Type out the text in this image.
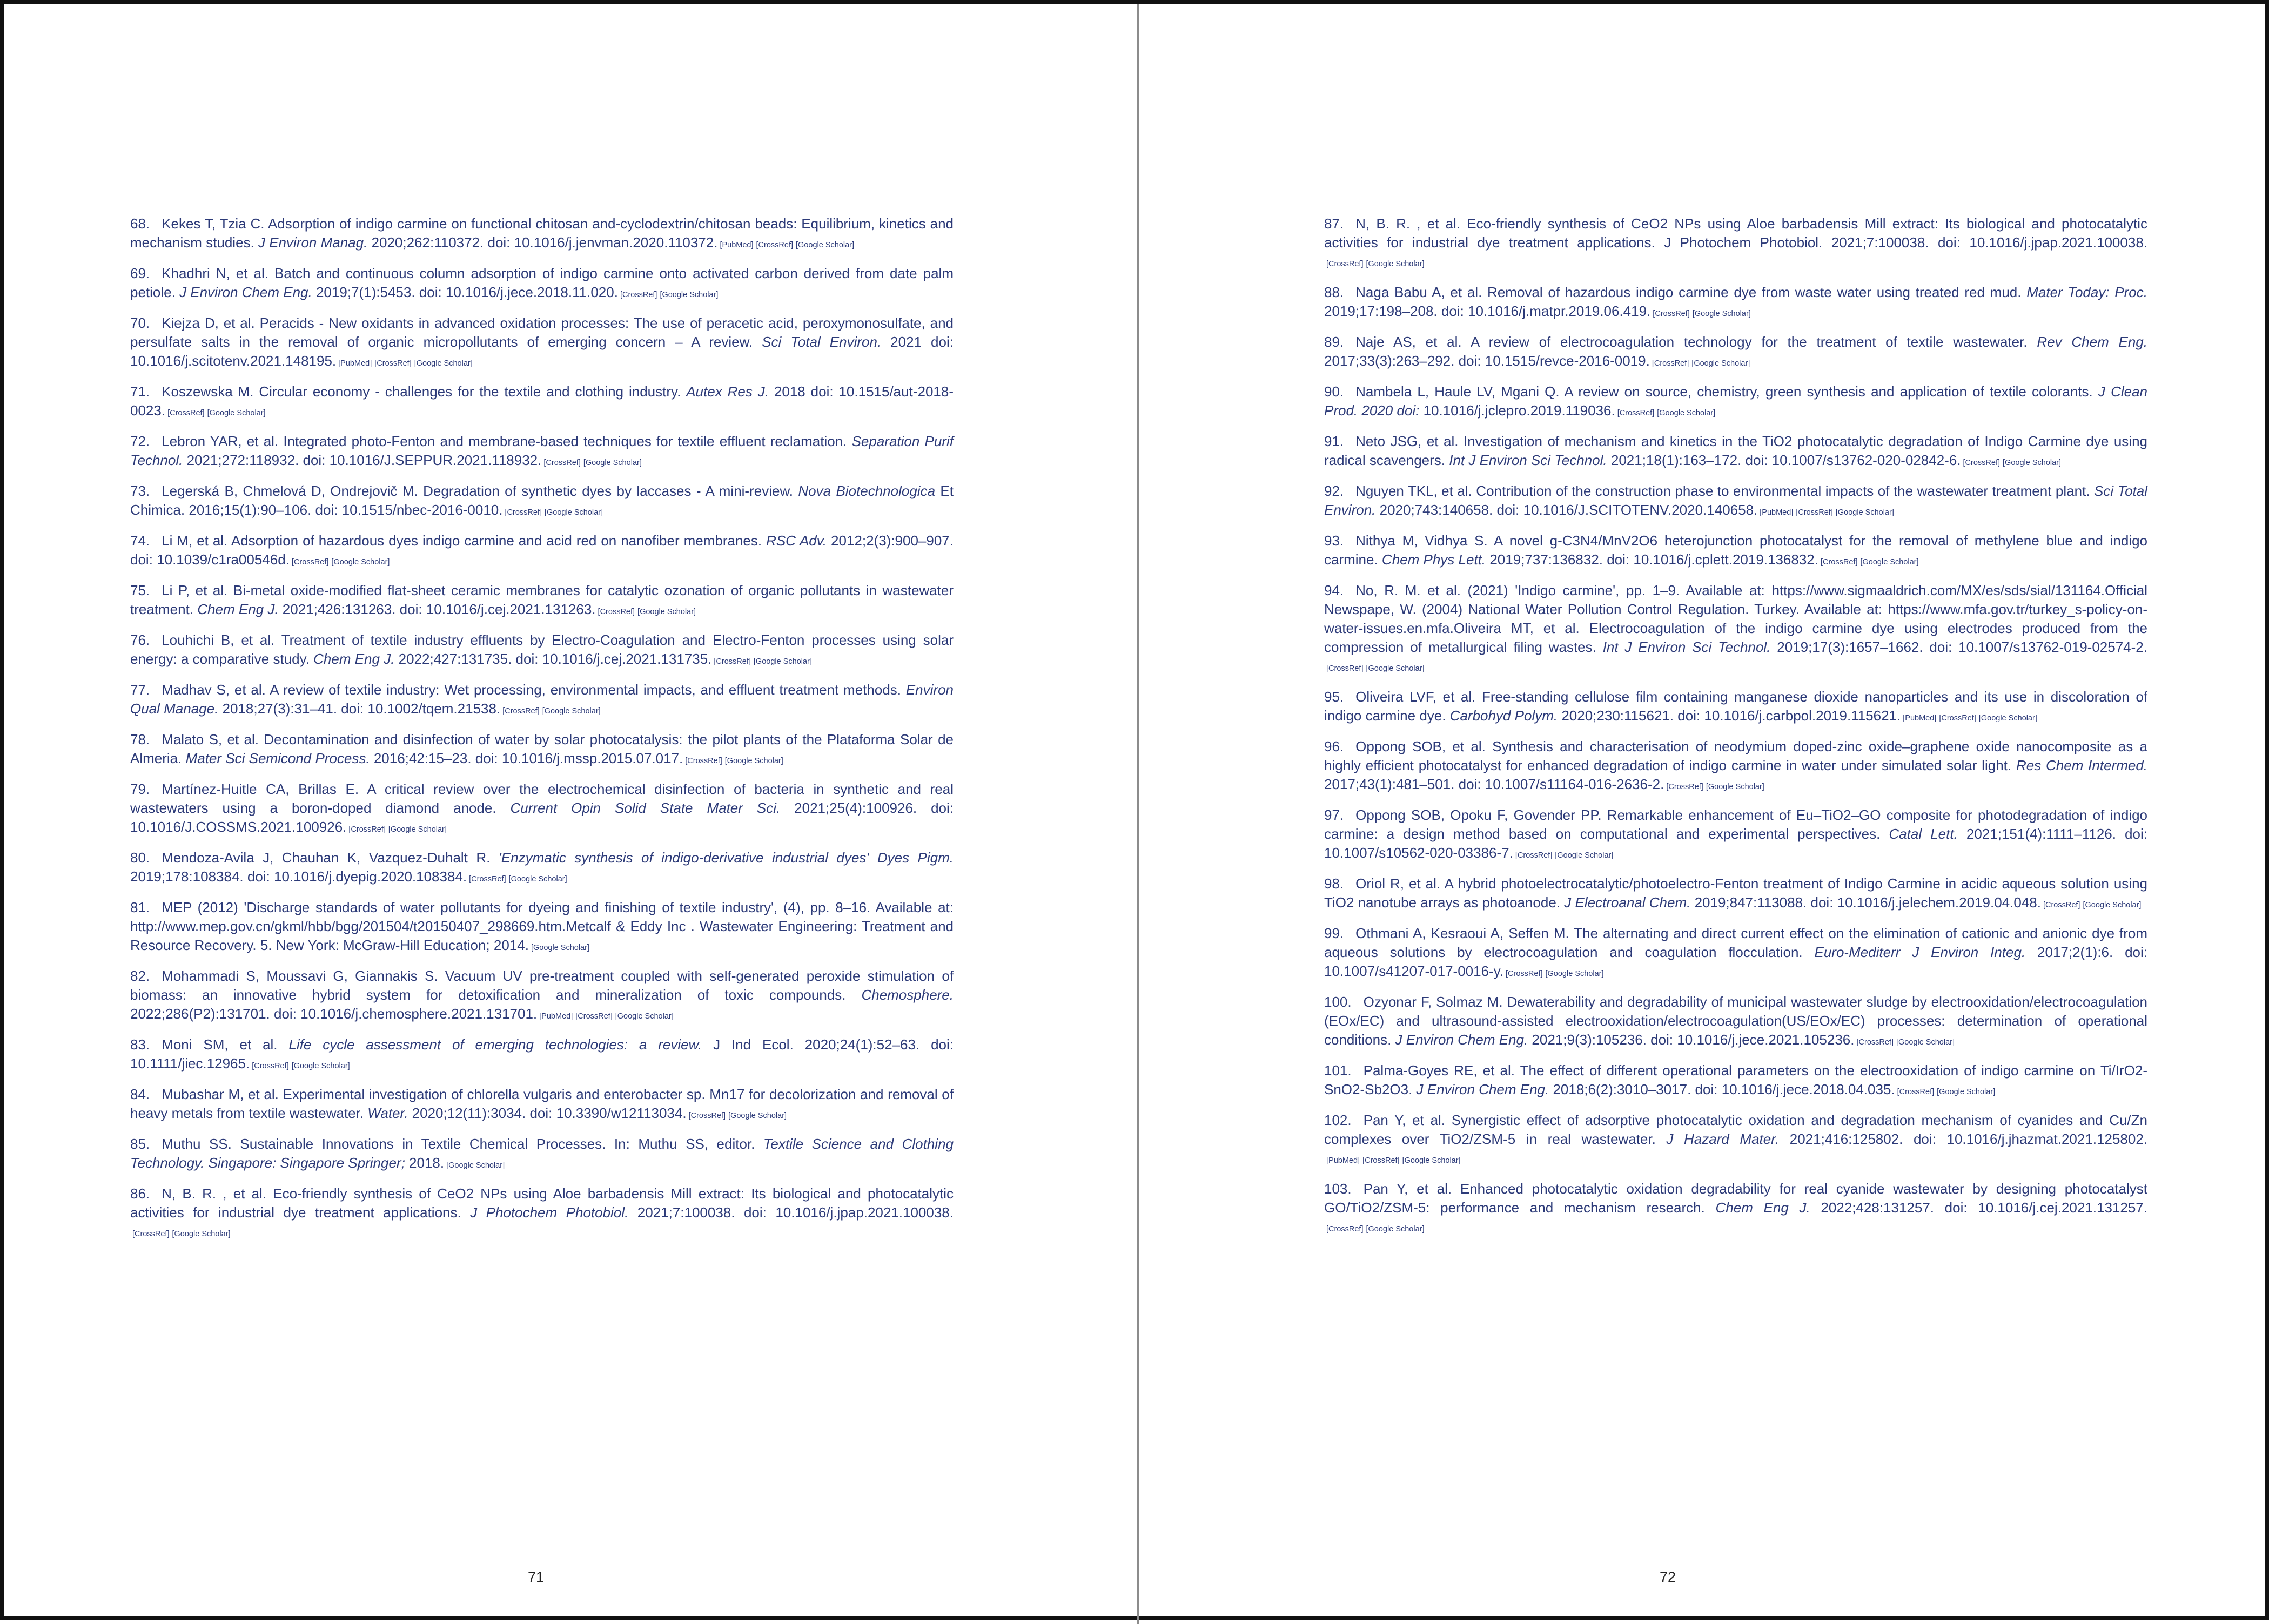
68. Kekes T, Tzia C. Adsorption of indigo carmine on functional chitosan and-cyclodextrin/chitosan beads: Equilibrium, kinetics and mechanism studies. J Environ Manag. 2020;262:110372. doi: 10.1016/j.jenvman.2020.110372. [PubMed] [CrossRef] [Google Scholar]

69. Khadhri N, et al. Batch and continuous column adsorption of indigo carmine onto activated carbon derived from date palm petiole. J Environ Chem Eng. 2019;7(1):5453. doi: 10.1016/j.jece.2018.11.020. [CrossRef] [Google Scholar]

70. Kiejza D, et al. Peracids - New oxidants in advanced oxidation processes: The use of peracetic acid, peroxymonosulfate, and persulfate salts in the removal of organic micropollutants of emerging concern – A review. Sci Total Environ. 2021 doi: 10.1016/j.scitotenv.2021.148195. [PubMed] [CrossRef] [Google Scholar]

71. Koszewska M. Circular economy - challenges for the textile and clothing industry. Autex Res J. 2018 doi: 10.1515/aut-2018-0023. [CrossRef] [Google Scholar]

72. Lebron YAR, et al. Integrated photo-Fenton and membrane-based techniques for textile effluent reclamation. Separation Purif Technol. 2021;272:118932. doi: 10.1016/J.SEPPUR.2021.118932. [CrossRef] [Google Scholar]

73. Legerská B, Chmelová D, Ondrejovič M. Degradation of synthetic dyes by laccases - A mini-review. Nova Biotechnologica Et Chimica. 2016;15(1):90–106. doi: 10.1515/nbec-2016-0010. [CrossRef] [Google Scholar]

74. Li M, et al. Adsorption of hazardous dyes indigo carmine and acid red on nanofiber membranes. RSC Adv. 2012;2(3):900–907. doi: 10.1039/c1ra00546d. [CrossRef] [Google Scholar]

75. Li P, et al. Bi-metal oxide-modified flat-sheet ceramic membranes for catalytic ozonation of organic pollutants in wastewater treatment. Chem Eng J. 2021;426:131263. doi: 10.1016/j.cej.2021.131263. [CrossRef] [Google Scholar]

76. Louhichi B, et al. Treatment of textile industry effluents by Electro-Coagulation and Electro-Fenton processes using solar energy: a comparative study. Chem Eng J. 2022;427:131735. doi: 10.1016/j.cej.2021.131735. [CrossRef] [Google Scholar]

77. Madhav S, et al. A review of textile industry: Wet processing, environmental impacts, and effluent treatment methods. Environ Qual Manage. 2018;27(3):31–41. doi: 10.1002/tqem.21538. [CrossRef] [Google Scholar]

78. Malato S, et al. Decontamination and disinfection of water by solar photocatalysis: the pilot plants of the Plataforma Solar de Almeria. Mater Sci Semicond Process. 2016;42:15–23. doi: 10.1016/j.mssp.2015.07.017. [CrossRef] [Google Scholar]

79. Martínez-Huitle CA, Brillas E. A critical review over the electrochemical disinfection of bacteria in synthetic and real wastewaters using a boron-doped diamond anode. Current Opin Solid State Mater Sci. 2021;25(4):100926. doi: 10.1016/J.COSSMS.2021.100926. [CrossRef] [Google Scholar]

80. Mendoza-Avila J, Chauhan K, Vazquez-Duhalt R. 'Enzymatic synthesis of indigo-derivative industrial dyes' Dyes Pigm. 2019;178:108384. doi: 10.1016/j.dyepig.2020.108384. [CrossRef] [Google Scholar]

81. MEP (2012) 'Discharge standards of water pollutants for dyeing and finishing of textile industry', (4), pp. 8–16. Available at: http://www.mep.gov.cn/gkml/hbb/bgg/201504/t20150407_298669.htm.Metcalf & Eddy Inc . Wastewater Engineering: Treatment and Resource Recovery. 5. New York: McGraw-Hill Education; 2014. [Google Scholar]

82. Mohammadi S, Moussavi G, Giannakis S. Vacuum UV pre-treatment coupled with self-generated peroxide stimulation of biomass: an innovative hybrid system for detoxification and mineralization of toxic compounds. Chemosphere. 2022;286(P2):131701. doi: 10.1016/j.chemosphere.2021.131701. [PubMed] [CrossRef] [Google Scholar]

83. Moni SM, et al. Life cycle assessment of emerging technologies: a review. J Ind Ecol. 2020;24(1):52–63. doi: 10.1111/jiec.12965. [CrossRef] [Google Scholar]

84. Mubashar M, et al. Experimental investigation of chlorella vulgaris and enterobacter sp. Mn17 for decolorization and removal of heavy metals from textile wastewater. Water. 2020;12(11):3034. doi: 10.3390/w12113034. [CrossRef] [Google Scholar]

85. Muthu SS. Sustainable Innovations in Textile Chemical Processes. In: Muthu SS, editor. Textile Science and Clothing Technology. Singapore: Singapore Springer; 2018. [Google Scholar]

86. N, B. R. , et al. Eco-friendly synthesis of CeO2 NPs using Aloe barbadensis Mill extract: Its biological and photocatalytic activities for industrial dye treatment applications. J Photochem Photobiol. 2021;7:100038. doi: 10.1016/j.jpap.2021.100038.[CrossRef] [Google Scholar]

87. N, B. R. , et al. Eco-friendly synthesis of CeO2 NPs using Aloe barbadensis Mill extract: Its biological and photocatalytic activities for industrial dye treatment applications. J Photochem Photobiol. 2021;7:100038. doi: 10.1016/j.jpap.2021.100038.[CrossRef] [Google Scholar]

88. Naga Babu A, et al. Removal of hazardous indigo carmine dye from waste water using treated red mud. Mater Today: Proc. 2019;17:198–208. doi: 10.1016/j.matpr.2019.06.419. [CrossRef] [Google Scholar]

89. Naje AS, et al. A review of electrocoagulation technology for the treatment of textile wastewater. Rev Chem Eng. 2017;33(3):263–292. doi: 10.1515/revce-2016-0019. [CrossRef] [Google Scholar]

90. Nambela L, Haule LV, Mgani Q. A review on source, chemistry, green synthesis and application of textile colorants. J Clean Prod. 2020 doi: 10.1016/j.jclepro.2019.119036. [CrossRef] [Google Scholar]

91. Neto JSG, et al. Investigation of mechanism and kinetics in the TiO2 photocatalytic degradation of Indigo Carmine dye using radical scavengers. Int J Environ Sci Technol. 2021;18(1):163–172. doi: 10.1007/s13762-020-02842-6. [CrossRef] [Google Scholar]

92. Nguyen TKL, et al. Contribution of the construction phase to environmental impacts of the wastewater treatment plant. Sci Total Environ. 2020;743:140658. doi: 10.1016/J.SCITOTENV.2020.140658. [PubMed] [CrossRef] [Google Scholar]

93. Nithya M, Vidhya S. A novel g-C3N4/MnV2O6 heterojunction photocatalyst for the removal of methylene blue and indigo carmine. Chem Phys Lett. 2019;737:136832. doi: 10.1016/j.cplett.2019.136832. [CrossRef] [Google Scholar]

94. No, R. M. et al. (2021) 'Indigo carmine', pp. 1–9. Available at: https://www.sigmaaldrich.com/MX/es/sds/sial/131164.Official Newspape, W. (2004) National Water Pollution Control Regulation. Turkey. Available at: https://www.mfa.gov.tr/turkey_s-policy-on-water-issues.en.mfa.Oliveira MT, et al. Electrocoagulation of the indigo carmine dye using electrodes produced from the compression of metallurgical filing wastes. Int J Environ Sci Technol. 2019;17(3):1657–1662. doi: 10.1007/s13762-019-02574-2.[CrossRef] [Google Scholar]

95. Oliveira LVF, et al. Free-standing cellulose film containing manganese dioxide nanoparticles and its use in discoloration of indigo carmine dye. Carbohyd Polym. 2020;230:115621. doi: 10.1016/j.carbpol.2019.115621. [PubMed] [CrossRef] [Google Scholar]

96. Oppong SOB, et al. Synthesis and characterisation of neodymium doped-zinc oxide–graphene oxide nanocomposite as a highly efficient photocatalyst for enhanced degradation of indigo carmine in water under simulated solar light. Res Chem Intermed. 2017;43(1):481–501. doi: 10.1007/s11164-016-2636-2. [CrossRef] [Google Scholar]

97. Oppong SOB, Opoku F, Govender PP. Remarkable enhancement of Eu–TiO2–GO composite for photodegradation of indigo carmine: a design method based on computational and experimental perspectives. Catal Lett. 2021;151(4):1111–1126. doi: 10.1007/s10562-020-03386-7. [CrossRef] [Google Scholar]

98. Oriol R, et al. A hybrid photoelectrocatalytic/photoelectro-Fenton treatment of Indigo Carmine in acidic aqueous solution using TiO2 nanotube arrays as photoanode. J Electroanal Chem. 2019;847:113088. doi: 10.1016/j.jelechem.2019.04.048. [CrossRef] [Google Scholar]

99. Othmani A, Kesraoui A, Seffen M. The alternating and direct current effect on the elimination of cationic and anionic dye from aqueous solutions by electrocoagulation and coagulation flocculation. Euro-Mediterr J Environ Integ. 2017;2(1):6. doi: 10.1007/s41207-017-0016-y. [CrossRef] [Google Scholar]

100. Ozyonar F, Solmaz M. Dewaterability and degradability of municipal wastewater sludge by electrooxidation/electrocoagulation (EOx/EC) and ultrasound-assisted electrooxidation/electrocoagulation(US/EOx/EC) processes: determination of operational conditions. J Environ Chem Eng. 2021;9(3):105236. doi: 10.1016/j.jece.2021.105236. [CrossRef] [Google Scholar]

101. Palma-Goyes RE, et al. The effect of different operational parameters on the electrooxidation of indigo carmine on Ti/IrO2-SnO2-Sb2O3. J Environ Chem Eng. 2018;6(2):3010–3017. doi: 10.1016/j.jece.2018.04.035. [CrossRef] [Google Scholar]

102. Pan Y, et al. Synergistic effect of adsorptive photocatalytic oxidation and degradation mechanism of cyanides and Cu/Zn complexes over TiO2/ZSM-5 in real wastewater. J Hazard Mater. 2021;416:125802. doi: 10.1016/j.jhazmat.2021.125802.[PubMed] [CrossRef] [Google Scholar]

103. Pan Y, et al. Enhanced photocatalytic oxidation degradability for real cyanide wastewater by designing photocatalyst GO/TiO2/ZSM-5: performance and mechanism research. Chem Eng J. 2022;428:131257. doi: 10.1016/j.cej.2021.131257.[CrossRef] [Google Scholar]

71	72
